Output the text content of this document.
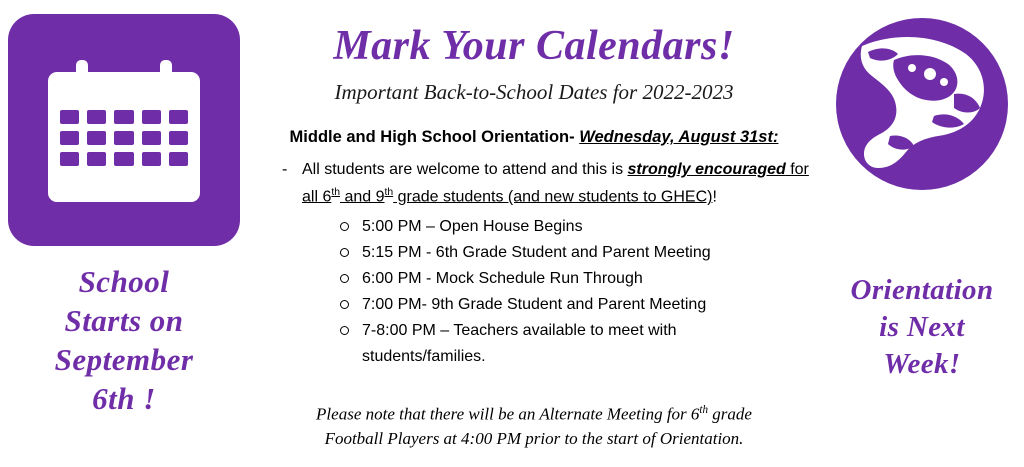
School
Starts on
September
6th !
Mark Your Calendars!
Important Back-to-School Dates for 2022-2023
Middle and High School Orientation- Wednesday, August 31st:
- All students are welcome to attend and this is strongly encouraged for all 6th and 9th grade students (and new students to GHEC)!
5:00 PM – Open House Begins
5:15 PM - 6th Grade Student and Parent Meeting
6:00 PM - Mock Schedule Run Through
7:00 PM- 9th Grade Student and Parent Meeting
7-8:00 PM – Teachers available to meet with
students/families.
Please note that there will be an Alternate Meeting for 6th grade
Football Players at 4:00 PM prior to the start of Orientation.
Orientation
is Next
Week!
